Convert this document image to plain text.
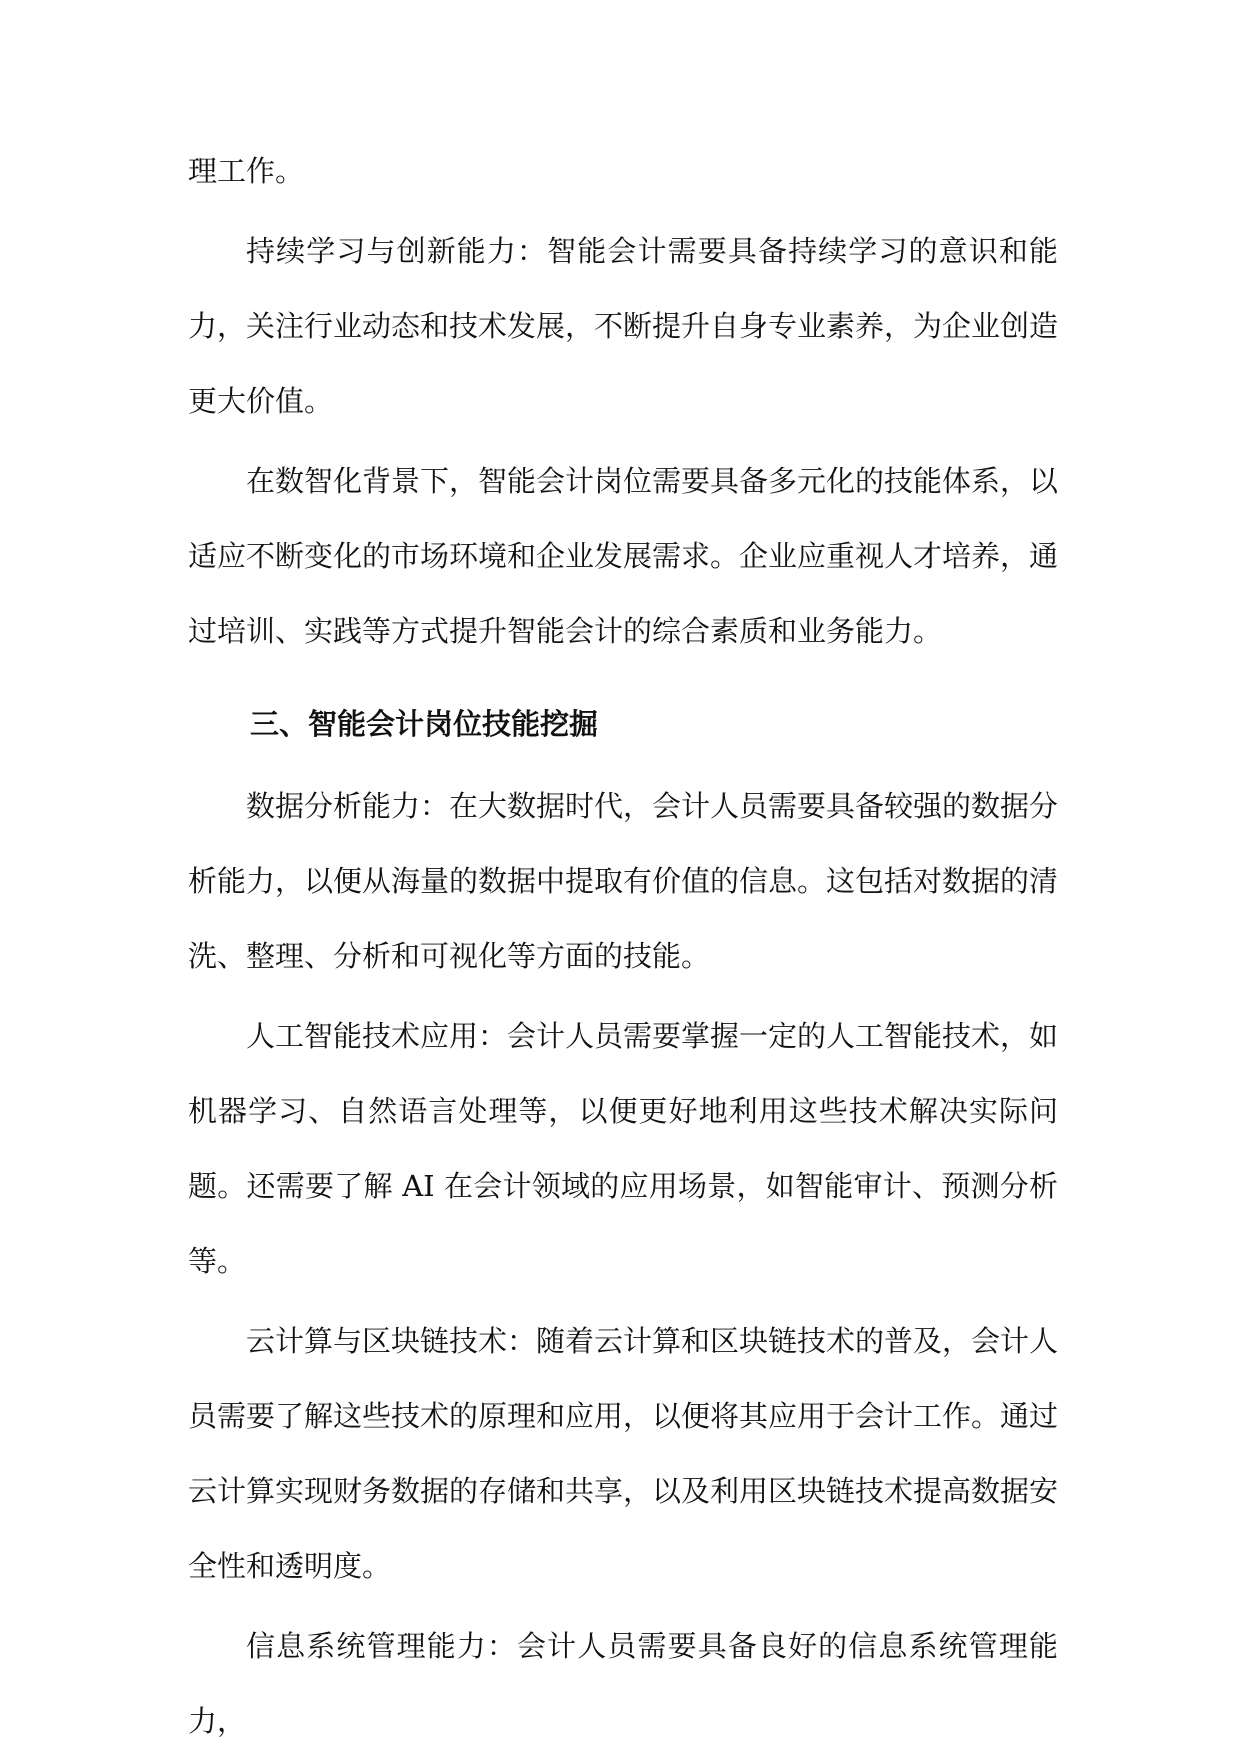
理工作。

持续学习与创新能力：智能会计需要具备持续学习的意识和能力，关注行业动态和技术发展，不断提升自身专业素养，为企业创造更大价值。

在数智化背景下，智能会计岗位需要具备多元化的技能体系，以适应不断变化的市场环境和企业发展需求。企业应重视人才培养，通过培训、实践等方式提升智能会计的综合素质和业务能力。

三、智能会计岗位技能挖掘

数据分析能力：在大数据时代，会计人员需要具备较强的数据分析能力，以便从海量的数据中提取有价值的信息。这包括对数据的清洗、整理、分析和可视化等方面的技能。

人工智能技术应用：会计人员需要掌握一定的人工智能技术，如机器学习、自然语言处理等，以便更好地利用这些技术解决实际问题。还需要了解 AI 在会计领域的应用场景，如智能审计、预测分析等。

云计算与区块链技术：随着云计算和区块链技术的普及，会计人员需要了解这些技术的原理和应用，以便将其应用于会计工作。通过云计算实现财务数据的存储和共享，以及利用区块链技术提高数据安全性和透明度。

信息系统管理能力：会计人员需要具备良好的信息系统管理能力，
